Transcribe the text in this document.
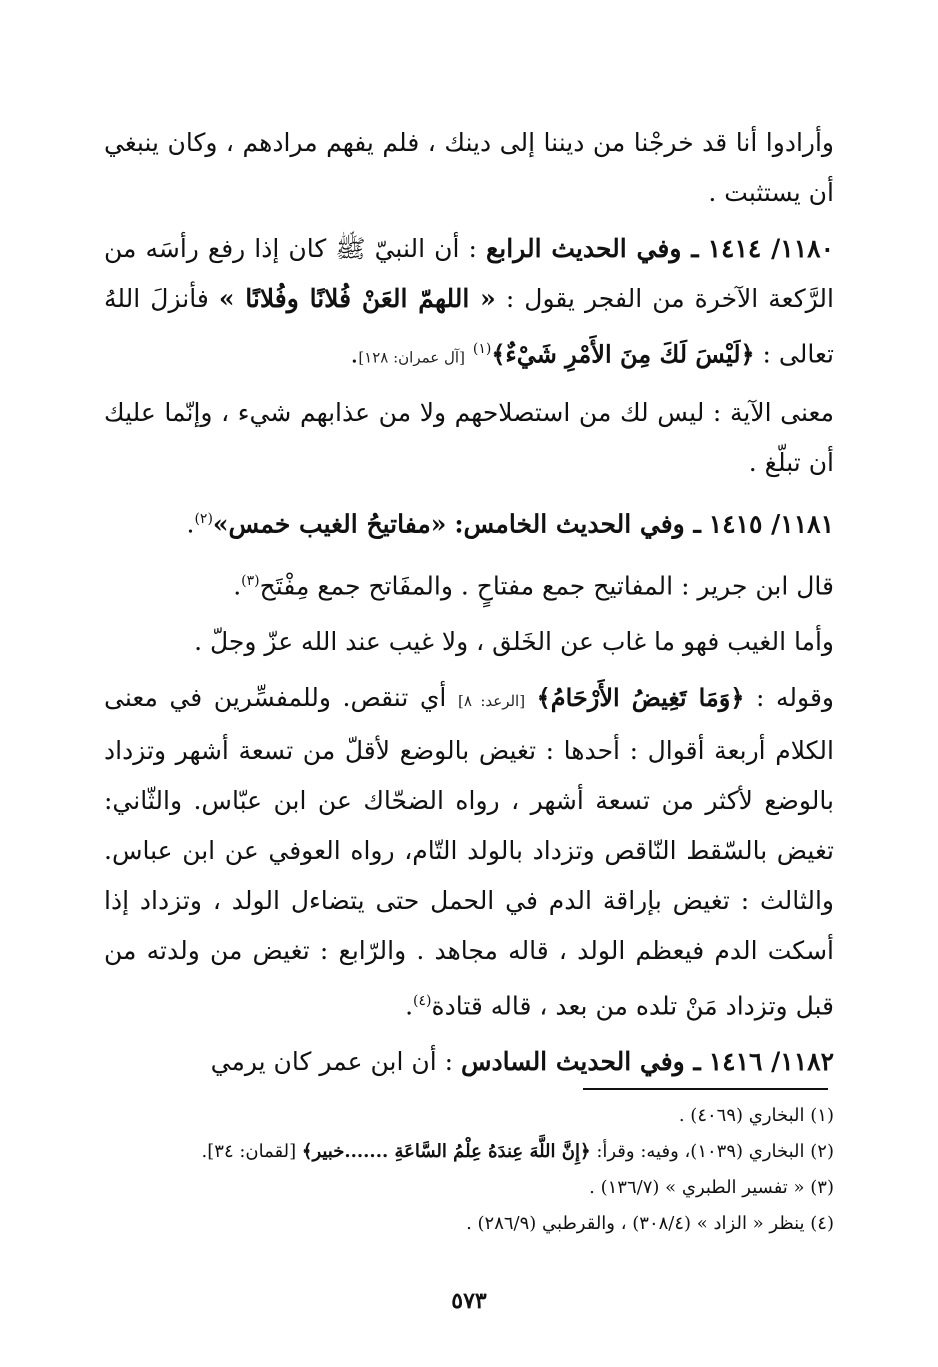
وأرادوا أنا قد خرجْنا من ديننا إلى دينك ، فلم يفهم مرادهم ، وكان ينبغي أن يستثبت .

١١٨٠/ ١٤١٤ ـ وفي الحديث الرابع : أن النبيّ ﷺ كان إذا رفع رأسَه من الرَّكعة الآخرة من الفجر يقول : « اللهمّ العَنْ فُلانًا وفُلانًا » فأنزلَ اللهُ تعالى : ﴿لَيْسَ لَكَ مِنَ الأَمْرِ شَيْءٌ﴾$^{(١)}$ [آل عمران: ١٢٨].

معنى الآية : ليس لك من استصلاحهم ولا من عذابهم شيء ، وإنّما عليك أن تبلّغ .

١١٨١/ ١٤١٥ ـ وفي الحديث الخامس: «مفاتيحُ الغيب خمس»$^{(٢)}$.

قال ابن جرير : المفاتيح جمع مفتاحٍ . والمفَاتح جمع مِفْتَح$^{(٣)}$.

وأما الغيب فهو ما غاب عن الخَلق ، ولا غيب عند الله عزّ وجلّ .

وقوله : ﴿وَمَا تَغِيضُ الأَرْحَامُ﴾ [الرعد: ٨] أي تنقص. وللمفسِّرين في معنى الكلام أربعة أقوال : أحدها : تغيض بالوضع لأقلّ من تسعة أشهر وتزداد بالوضع لأكثر من تسعة أشهر ، رواه الضحّاك عن ابن عبّاس. والثّاني: تغيض بالسّقط النّاقص وتزداد بالولد التّام، رواه العوفي عن ابن عباس. والثالث : تغيض بإراقة الدم في الحمل حتى يتضاءل الولد ، وتزداد إذا أسكت الدم فيعظم الولد ، قاله مجاهد . والرّابع : تغيض من ولدته من قبل وتزداد مَنْ تلده من بعد ، قاله قتادة$^{(٤)}$.

١١٨٢/ ١٤١٦ ـ وفي الحديث السادس : أن ابن عمر كان يرمي

(١) البخاري (٤٠٦٩) .

(٢) البخاري (١٠٣٩)، وفيه: وقرأ: ﴿إِنَّ اللَّهَ عِندَهُ عِلْمُ السَّاعَةِ .......خبير﴾ [لقمان: ٣٤].

(٣) « تفسير الطبري » (١٣٦/٧) .

(٤) ينظر « الزاد » (٣٠٨/٤) ، والقرطبي (٢٨٦/٩) .

٥٧٣
